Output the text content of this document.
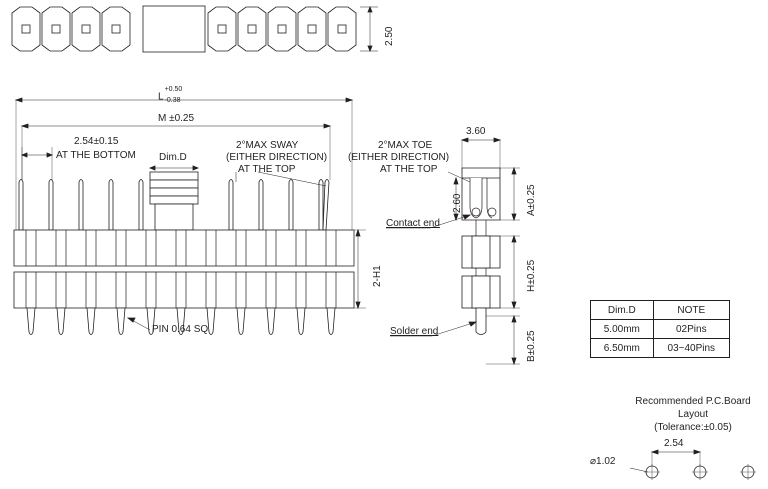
2.50
L+0.50
-0.38
M ±0.25
2.54±0.15
AT THE BOTTOM Dim.D
2°MAX SWAY
(EITHER DIRECTION)
AT THE TOP
2-H1
PIN 0.64 SQ
2°MAX TOE
(EITHER DIRECTION)
AT THE TOP
3.60
A±0.25
2.60
Contact end
H±0.25
Solder end	B±0.25
Dim.D	NOTE
5.00mm	02Pins
6.50mm	03~40Pins
Recommended P.C.Board
Layout
(Tolerance:±0.05)
2.54
⌀1.02
